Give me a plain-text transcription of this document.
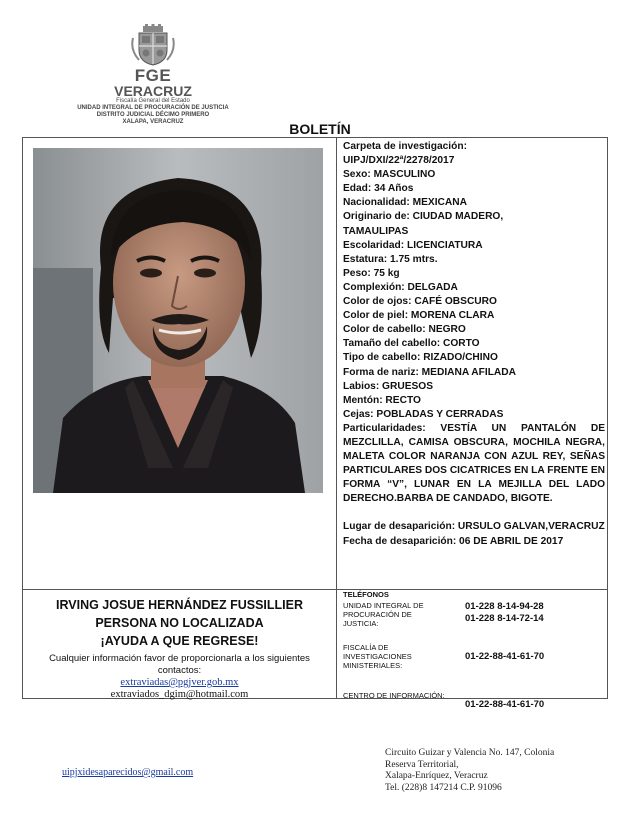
FGE
VERACRUZ
Fiscalía General del Estado
UNIDAD INTEGRAL DE PROCURACIÓN DE JUSTICIA
DISTRITO JUDICIAL DÉCIMO PRIMERO
XALAPA, VERACRUZ	BOLETÍN
Carpeta de investigación:
UIPJ/DXI/22ª/2278/2017
Sexo: MASCULINO
Edad: 34 Años
Nacionalidad: MEXICANA
Originario de: CIUDAD MADERO,
TAMAULIPAS
Escolaridad: LICENCIATURA
Estatura: 1.75 mtrs.
Peso: 75 kg
Complexión: DELGADA
Color de ojos: CAFÉ OBSCURO
Color de piel: MORENA CLARA
Color de cabello: NEGRO
Tamaño del cabello: CORTO
Tipo de cabello: RIZADO/CHINO
Forma de nariz: MEDIANA AFILADA
Labios: GRUESOS
Mentón: RECTO
Cejas: POBLADAS Y CERRADAS
Particularidades: VESTÍA UN PANTALÓN DE MEZCLILLA, CAMISA OBSCURA, MOCHILA NEGRA, MALETA COLOR NARANJA CON AZUL REY, SEÑAS PARTICULARES DOS CICATRICES EN LA FRENTE EN FORMA “V”, LUNAR EN LA MEJILLA DEL LADO DERECHO.BARBA DE CANDADO, BIGOTE.
Lugar de desaparición: URSULO GALVAN,VERACRUZ
Fecha de desaparición: 06 DE ABRIL DE 2017
IRVING JOSUE HERNÁNDEZ FUSSILLIER
PERSONA NO LOCALIZADA
¡AYUDA A QUE REGRESE!
Cualquier información favor de proporcionarla a los siguientes contactos:
extraviadas@pgjver.gob.mx
extraviados_dgim@hotmail.com
TELÉFONOS
UNIDAD INTEGRAL DE PROCURACIÓN DE JUSTICIA:
01-228 8-14-94-28
01-228 8-14-72-14
FISCALÍA DE INVESTIGACIONES MINISTERIALES:
01-22-88-41-61-70
CENTRO DE INFORMACIÓN:
01-22-88-41-61-70
uipjxidesaparecidos@gmail.com
Circuito Guizar y Valencia No. 147, Colonia
Reserva Territorial,
Xalapa-Enríquez, Veracruz
Tel. (228)8 147214 C.P. 91096
